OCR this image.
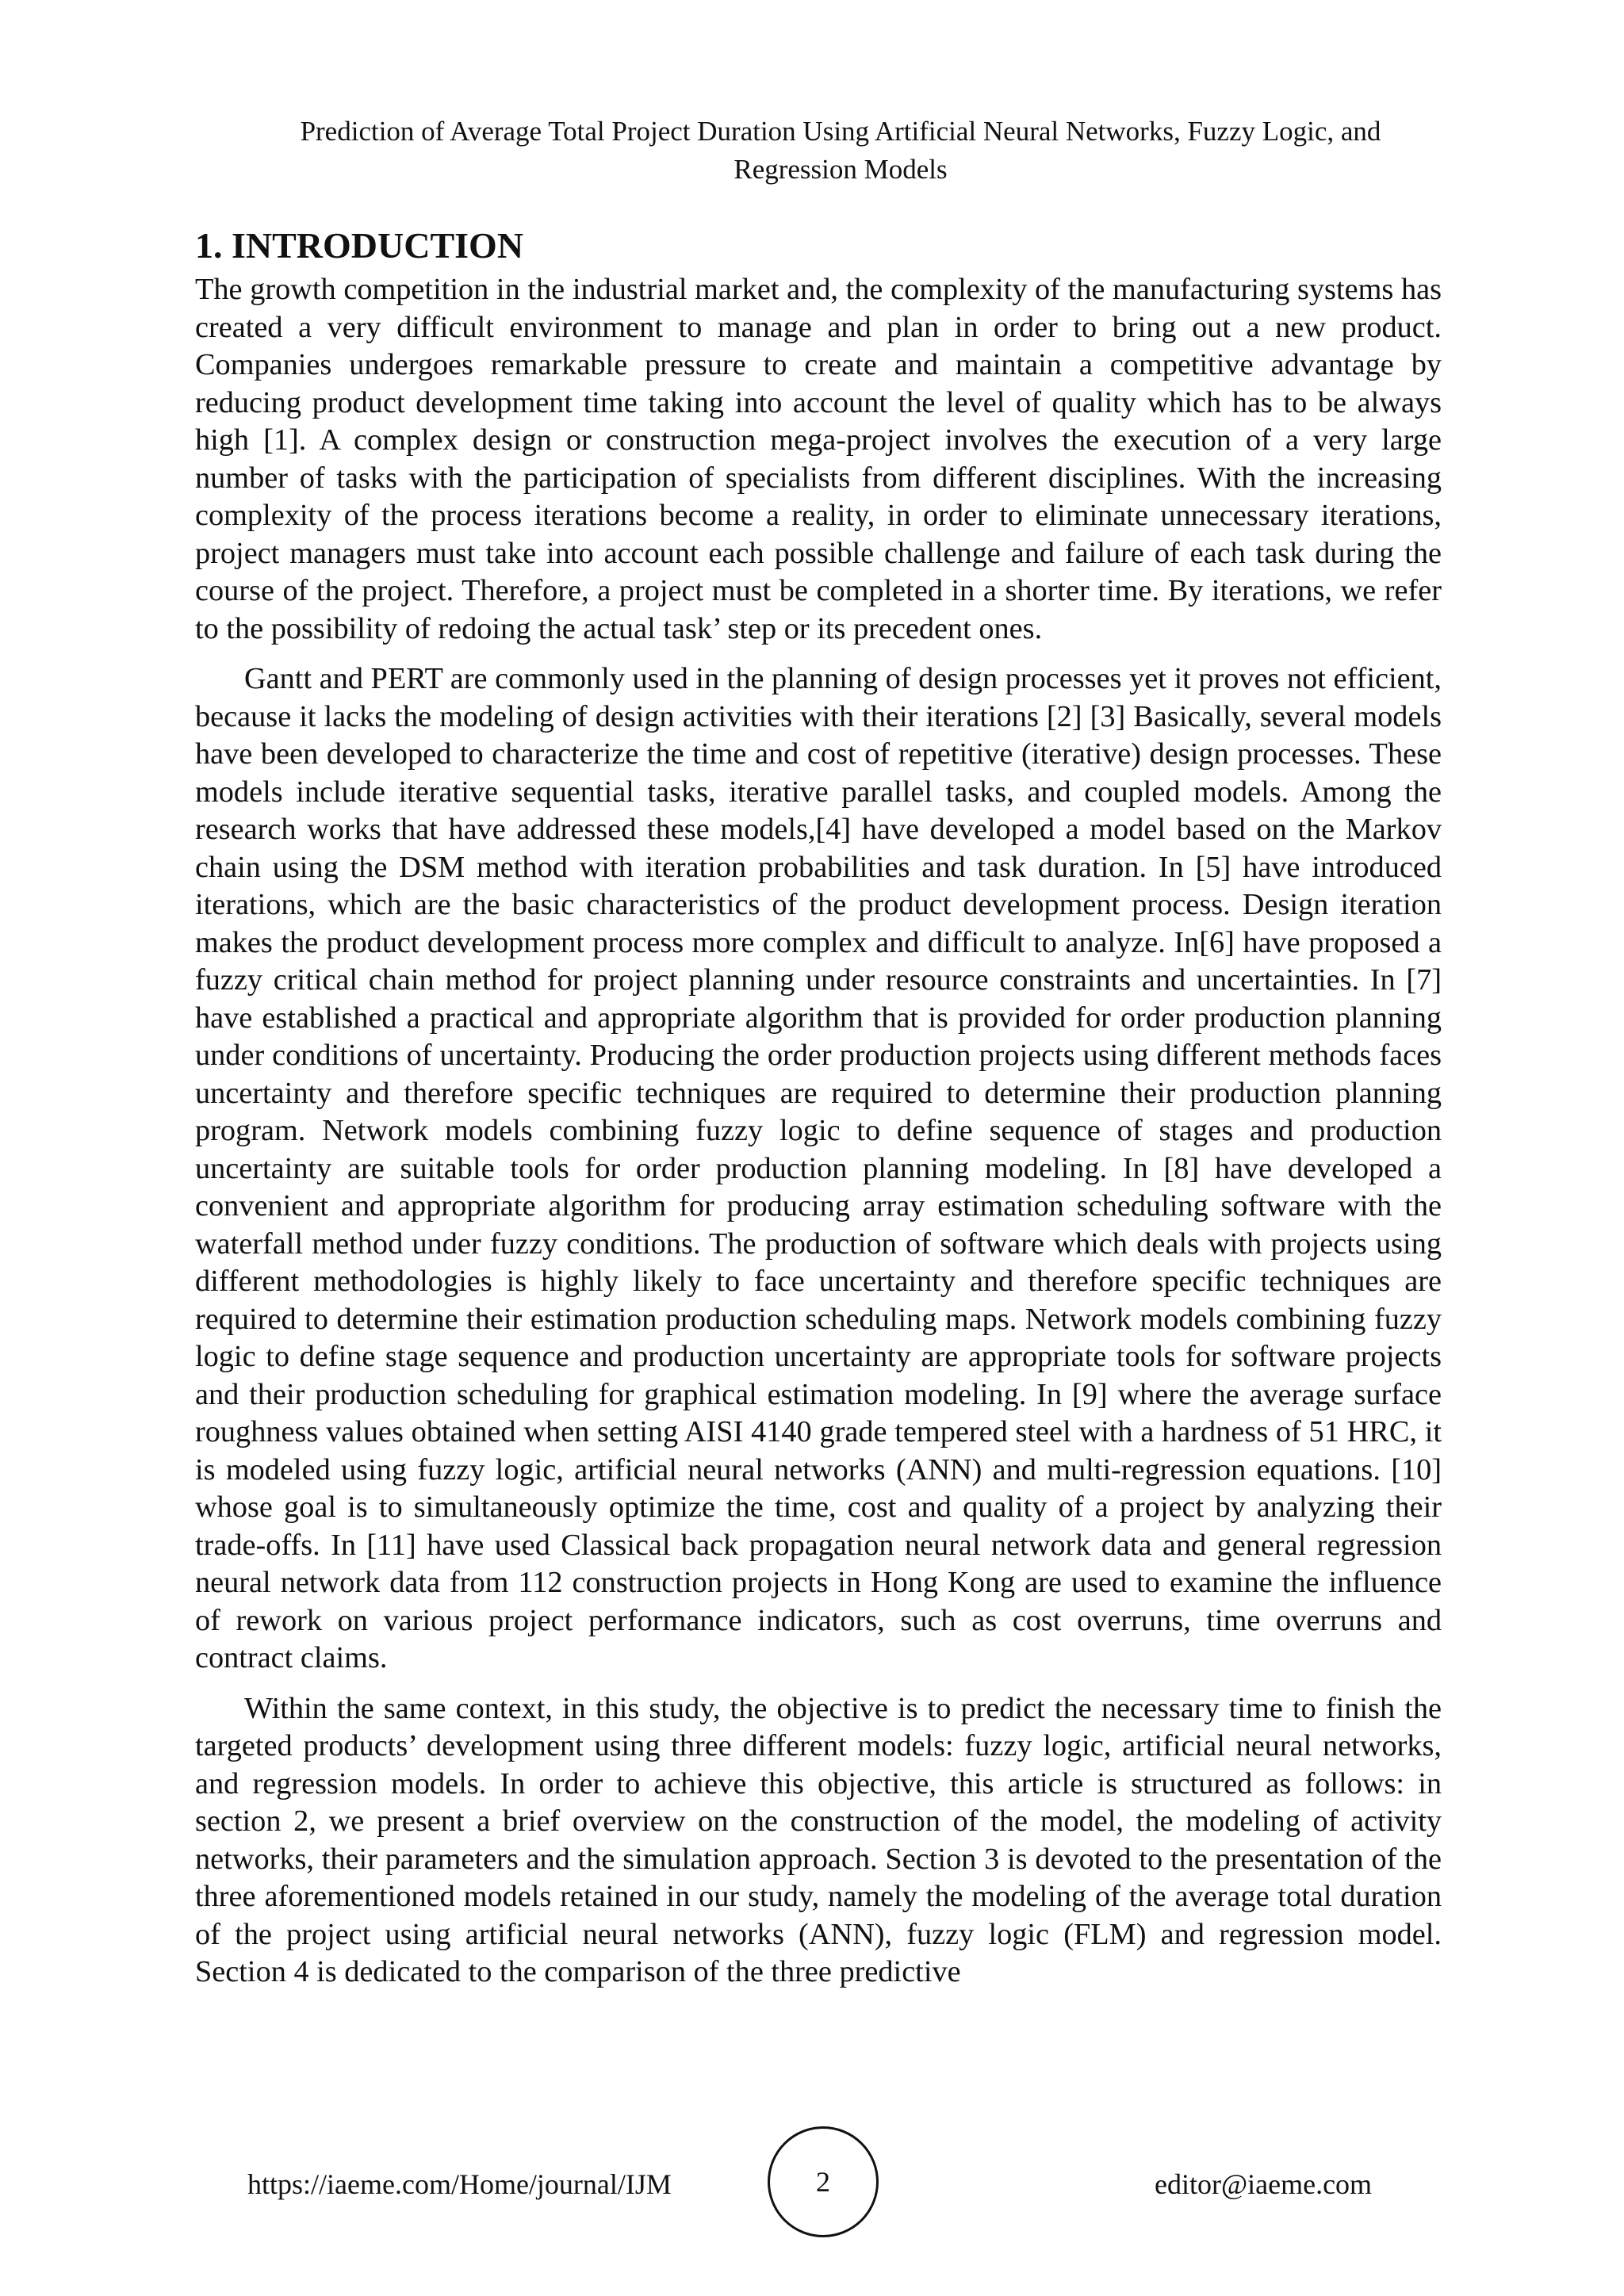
Prediction of Average Total Project Duration Using Artificial Neural Networks, Fuzzy Logic, and Regression Models
1. INTRODUCTION

The growth competition in the industrial market and, the complexity of the manufacturing systems has created a very difficult environment to manage and plan in order to bring out a new product. Companies undergoes remarkable pressure to create and maintain a competitive advantage by reducing product development time taking into account the level of quality which has to be always high [1]. A complex design or construction mega-project involves the execution of a very large number of tasks with the participation of specialists from different disciplines. With the increasing complexity of the process iterations become a reality, in order to eliminate unnecessary iterations, project managers must take into account each possible challenge and failure of each task during the course of the project. Therefore, a project must be completed in a shorter time. By iterations, we refer to the possibility of redoing the actual task’ step or its precedent ones.

Gantt and PERT are commonly used in the planning of design processes yet it proves not efficient, because it lacks the modeling of design activities with their iterations [2] [3] Basically, several models have been developed to characterize the time and cost of repetitive (iterative) design processes. These models include iterative sequential tasks, iterative parallel tasks, and coupled models. Among the research works that have addressed these models,[4] have developed a model based on the Markov chain using the DSM method with iteration probabilities and task duration. In [5] have introduced iterations, which are the basic characteristics of the product development process. Design iteration makes the product development process more complex and difficult to analyze. In[6] have proposed a fuzzy critical chain method for project planning under resource constraints and uncertainties. In [7] have established a practical and appropriate algorithm that is provided for order production planning under conditions of uncertainty. Producing the order production projects using different methods faces uncertainty and therefore specific techniques are required to determine their production planning program. Network models combining fuzzy logic to define sequence of stages and production uncertainty are suitable tools for order production planning modeling. In [8] have developed a convenient and appropriate algorithm for producing array estimation scheduling software with the waterfall method under fuzzy conditions. The production of software which deals with projects using different methodologies is highly likely to face uncertainty and therefore specific techniques are required to determine their estimation production scheduling maps. Network models combining fuzzy logic to define stage sequence and production uncertainty are appropriate tools for software projects and their production scheduling for graphical estimation modeling. In [9] where the average surface roughness values obtained when setting AISI 4140 grade tempered steel with a hardness of 51 HRC, it is modeled using fuzzy logic, artificial neural networks (ANN) and multi-regression equations. [10] whose goal is to simultaneously optimize the time, cost and quality of a project by analyzing their trade-offs. In [11] have used Classical back propagation neural network data and general regression neural network data from 112 construction projects in Hong Kong are used to examine the influence of rework on various project performance indicators, such as cost overruns, time overruns and contract claims.

Within the same context, in this study, the objective is to predict the necessary time to finish the targeted products’ development using three different models: fuzzy logic, artificial neural networks, and regression models. In order to achieve this objective, this article is structured as follows: in section 2, we present a brief overview on the construction of the model, the modeling of activity networks, their parameters and the simulation approach. Section 3 is devoted to the presentation of the three aforementioned models retained in our study, namely the modeling of the average total duration of the project using artificial neural networks (ANN), fuzzy logic (FLM) and regression model. Section 4 is dedicated to the comparison of the three predictive

https://iaeme.com/Home/journal/IJM	2	editor@iaeme.com
